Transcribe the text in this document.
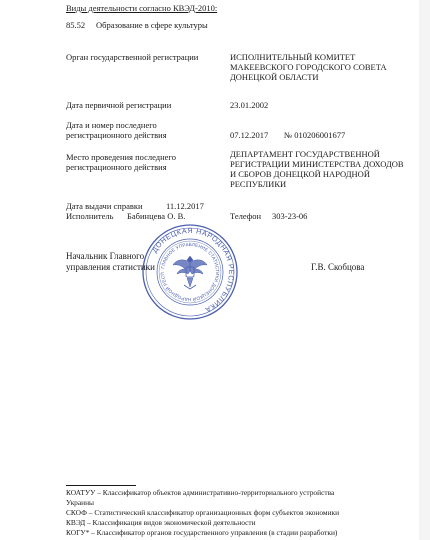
Виды деятельности согласно КВЭД-2010:
85.52 Образование в сфере культуры
Орган государственной регистрации	ИСПОЛНИТЕЛЬНЫЙ КОМИТЕТ
МАКЕЕВСКОГО ГОРОДСКОГО СОВЕТА
ДОНЕЦКОЙ ОБЛАСТИ
Дата первичной регистрации	23.01.2002
Дата и номер последнего
регистрационного действия	07.12.2017 № 010206001677
Место проведения последнего
регистрационного действия
ДЕПАРТАМЕНТ ГОСУДАРСТВЕННОЙ
РЕГИСТРАЦИИ МИНИСТЕРСТВА ДОХОДОВ
И СБОРОВ ДОНЕЦКОЙ НАРОДНОЙ
РЕСПУБЛИКИ
Дата выдачи справки	11.12.2017
Исполнитель Бабинцева О. В.	Телефон 303-23-06
ДОНЕЦКАЯ НАРОДНАЯ РЕСПУБЛИКА
ГЛАВНОЕ УПРАВЛЕНИЕ СТАТИСТИКИ ДОНЕЦКОЙ НАРОДНОЙ РЕСП
Начальник Главного
управления статистики	Г.В. Скобцова
КОАТУУ – Классификатор объектов административно-территориального устройства
Украины
СКОФ – Статистический классификатор организационных форм субъектов экономики
КВЭД – Классификация видов экономической деятельности
КОГУ* – Классификатор органов государственного управления (в стадии разработки)
